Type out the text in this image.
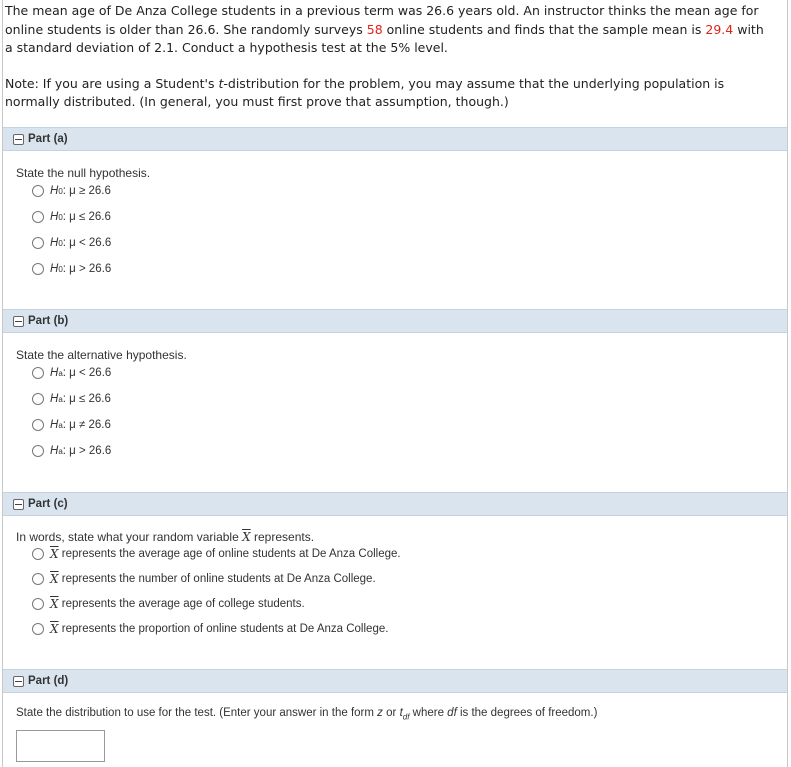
The mean age of De Anza College students in a previous term was 26.6 years old. An instructor thinks the mean age for online students is older than 26.6. She randomly surveys 58 online students and finds that the sample mean is 29.4 with a standard deviation of 2.1. Conduct a hypothesis test at the 5% level.

Note: If you are using a Student's t-distribution for the problem, you may assume that the underlying population is normally distributed. (In general, you must first prove that assumption, though.)

Part (a)
State the null hypothesis.
H 0 : μ
≥ 26.6
H 0 : μ
≤ 26.6
H 0 : μ
< 26.6
H 0 : μ
> 26.6
Part (b)
State the alternative hypothesis.
H a : μ
< 26.6
H a : μ
≤ 26.6
H a : μ
≠ 26.6
H a : μ
> 26.6
Part (c)
In words, state what your random variable $\overline{X}$ represents.
$\overline{X}$
represents the average age of online students at De Anza College.
$\overline{X}$
represents the number of online students at De Anza College.
$\overline{X}$
represents the average age of college students.
$\overline{X}$
represents the proportion of online students at De Anza College.
Part (d)
State the distribution to use for the test. (Enter your answer in the form z or $t_{df}$ where df is the degrees of freedom.)
